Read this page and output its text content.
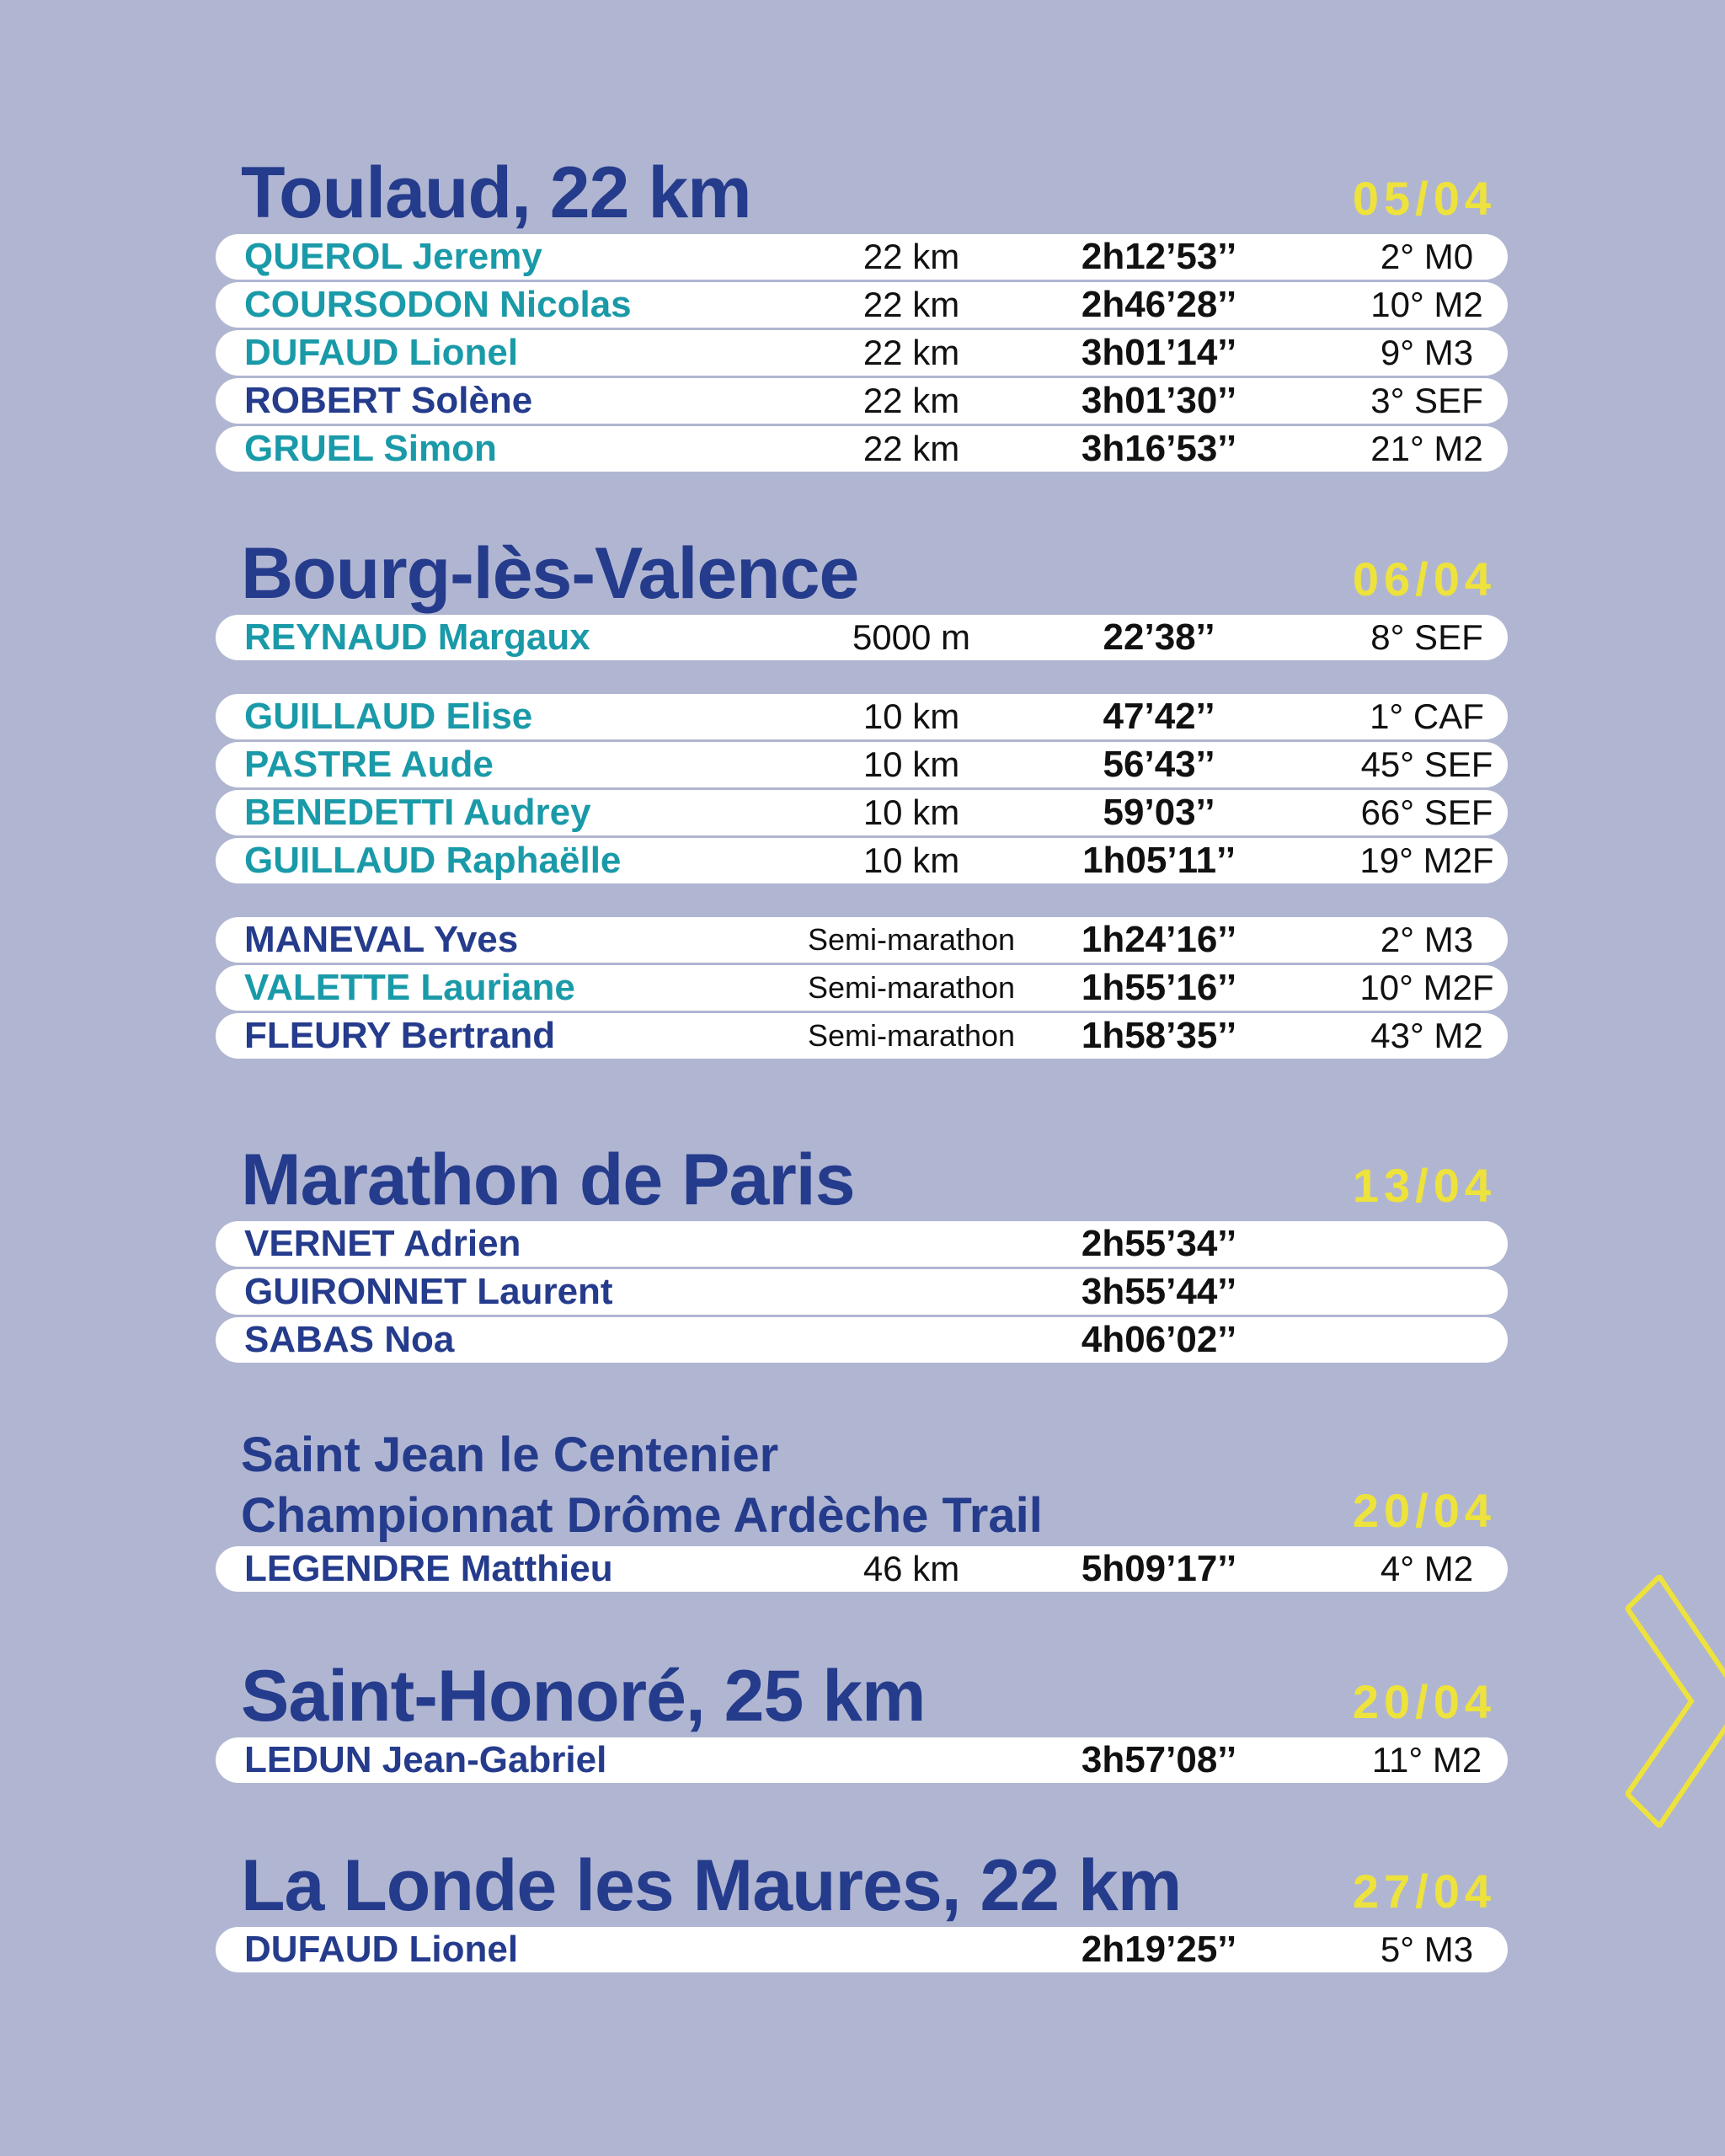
Toulaud, 22 km	05/04
QUEROL Jeremy	22 km	2h12’53’’	2° M0
COURSODON Nicolas	22 km	2h46’28’’	10° M2
DUFAUD Lionel	22 km	3h01’14’’	9° M3
ROBERT Solène	22 km	3h01’30’’	3° SEF
GRUEL Simon	22 km	3h16’53’’	21° M2
Bourg-lès-Valence	06/04
REYNAUD Margaux	5000 m	22’38’’	8° SEF
GUILLAUD Elise	10 km	47’42’’	1° CAF
PASTRE Aude	10 km	56’43’’	45° SEF
BENEDETTI Audrey	10 km	59’03’’	66° SEF
GUILLAUD Raphaëlle	10 km	1h05’11’’	19° M2F
MANEVAL Yves	Semi-marathon	1h24’16’’	2° M3
VALETTE Lauriane	Semi-marathon	1h55’16’’	10° M2F
FLEURY Bertrand	Semi-marathon	1h58’35’’	43° M2
Marathon de Paris	13/04
VERNET Adrien	2h55’34’’
GUIRONNET Laurent	3h55’44’’
SABAS Noa	4h06’02’’
Saint Jean le Centenier
Championnat Drôme Ardèche Trail	20/04
LEGENDRE Matthieu	46 km	5h09’17’’	4° M2
Saint-Honoré, 25 km	20/04
LEDUN Jean-Gabriel	3h57’08’’	11° M2
La Londe les Maures, 22 km	27/04
DUFAUD Lionel	2h19’25’’	5° M3
